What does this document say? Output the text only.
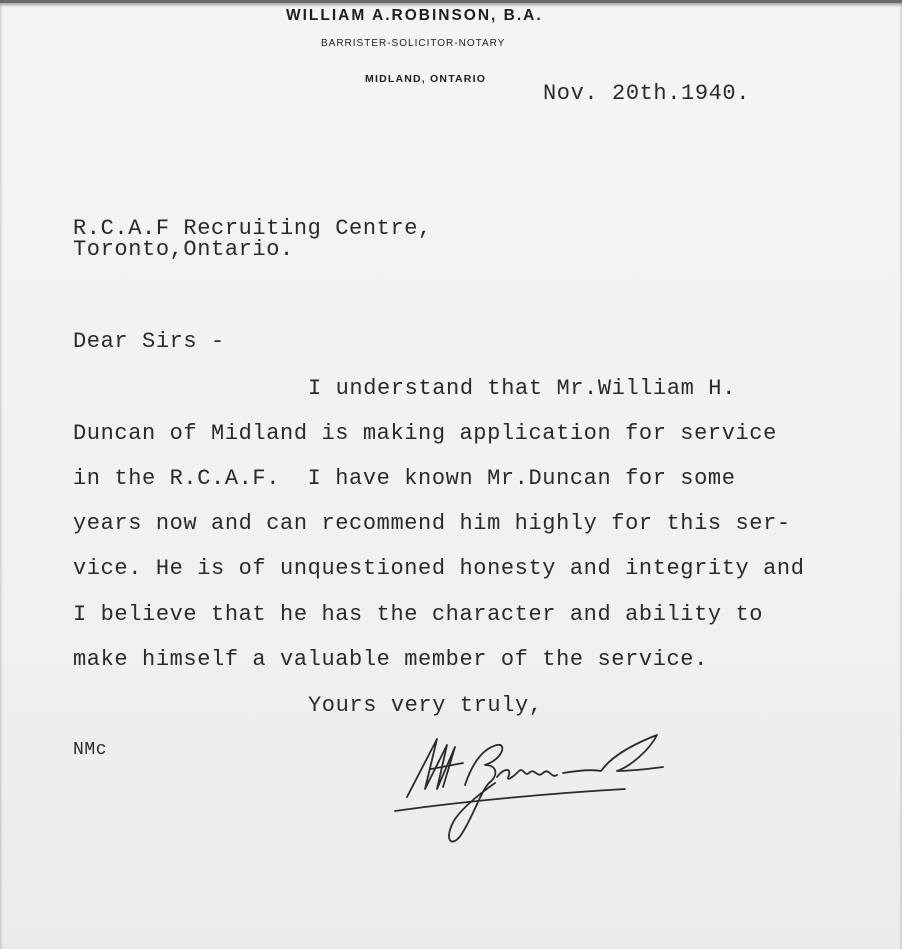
WILLIAM A.ROBINSON, B.A.
BARRISTER-SOLICITOR-NOTARY
MIDLAND, ONTARIO
Nov. 20th.1940.
R.C.A.F Recruiting Centre,
Toronto,Ontario.
Dear Sirs -
I understand that Mr.William H.
Duncan of Midland is making application for service
in the R.C.A.F.  I have known Mr.Duncan for some
years now and can recommend him highly for this ser-
vice. He is of unquestioned honesty and integrity and
I believe that he has the character and ability to
make himself a valuable member of the service.
Yours very truly,
NMc
